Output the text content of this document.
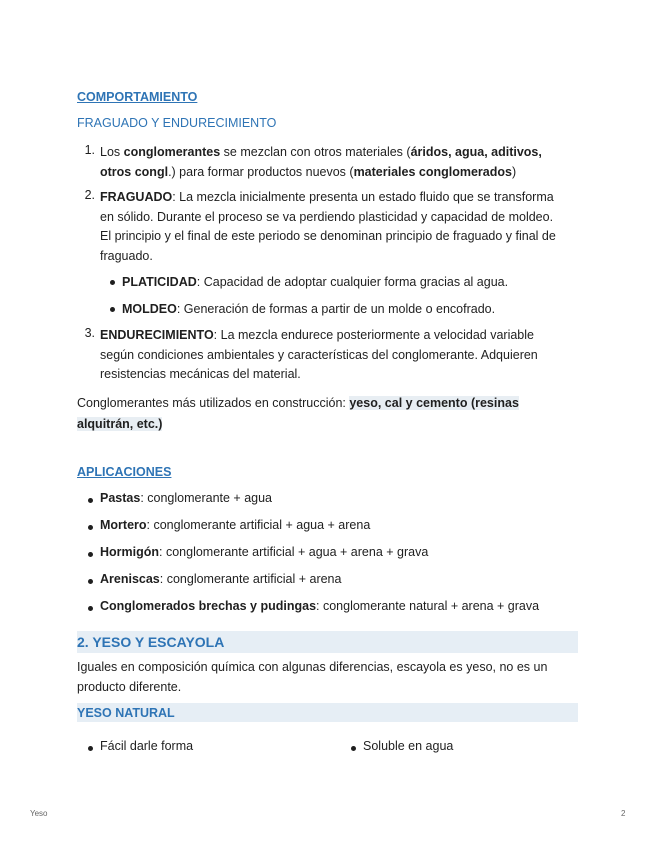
COMPORTAMIENTO
FRAGUADO Y ENDURECIMIENTO
1. Los conglomerantes se mezclan con otros materiales (áridos, agua, aditivos,
otros congl.) para formar productos nuevos (materiales conglomerados)
2. FRAGUADO: La mezcla inicialmente presenta un estado fluido que se transforma
en sólido. Durante el proceso se va perdiendo plasticidad y capacidad de moldeo.
El principio y el final de este periodo se denominan principio de fraguado y final de
fraguado.
PLATICIDAD: Capacidad de adoptar cualquier forma gracias al agua.
MOLDEO: Generación de formas a partir de un molde o encofrado.
3. ENDURECIMIENTO: La mezcla endurece posteriormente a velocidad variable
según condiciones ambientales y características del conglomerante. Adquieren
resistencias mecánicas del material.
Conglomerantes más utilizados en construcción: yeso, cal y cemento (resinas
alquitrán, etc.)
APLICACIONES
Pastas: conglomerante + agua
Mortero: conglomerante artificial + agua + arena
Hormigón: conglomerante artificial + agua + arena + grava
Areniscas: conglomerante artificial + arena
Conglomerados brechas y pudingas: conglomerante natural + arena + grava
2. YESO Y ESCAYOLA
Iguales en composición química con algunas diferencias, escayola es yeso, no es un
producto diferente.
YESO NATURAL
Fácil darle forma	Soluble en agua
Yeso	2
